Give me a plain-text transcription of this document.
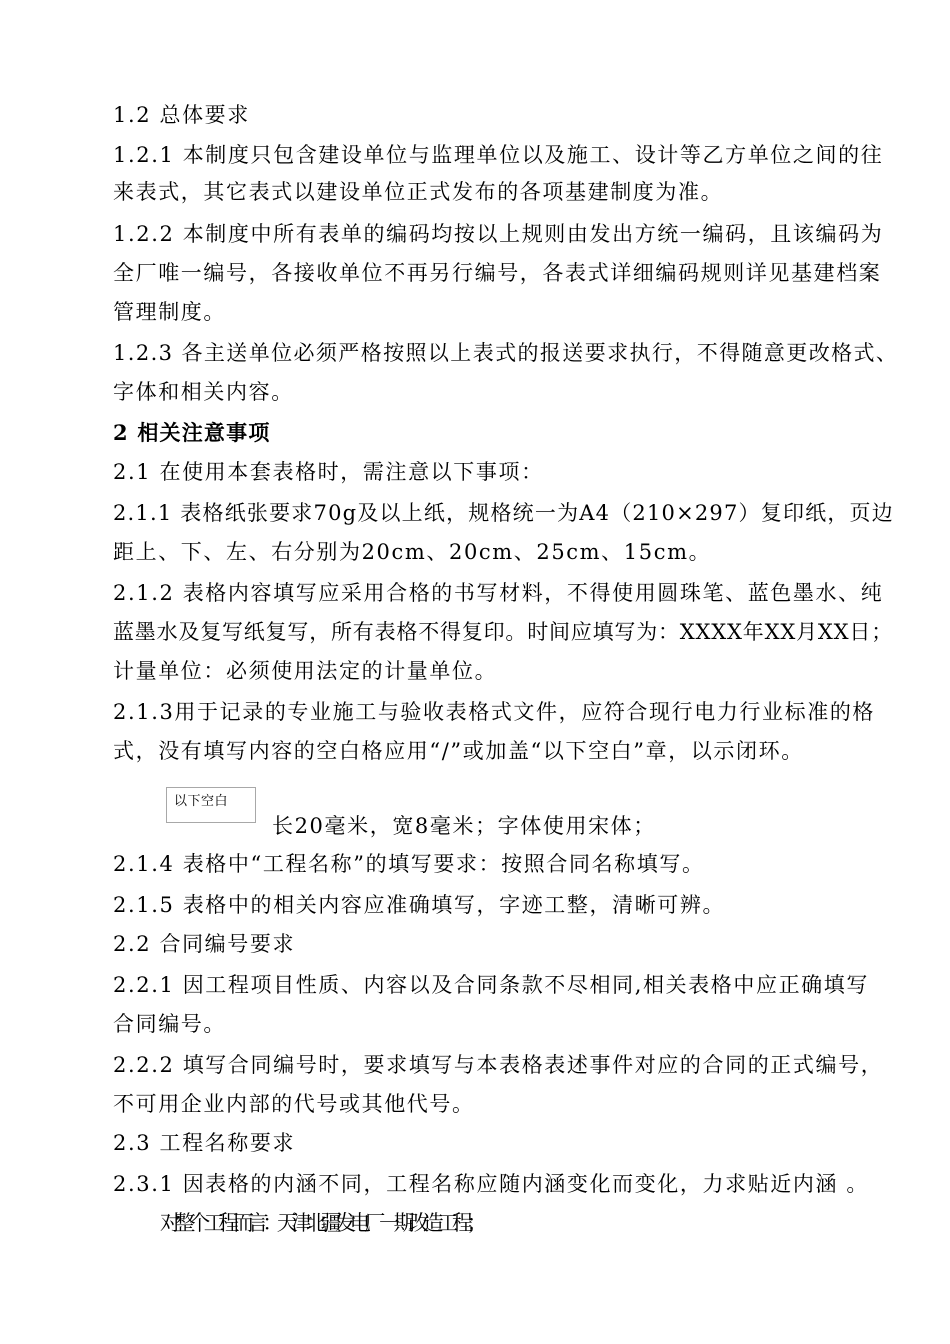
1.2 总体要求
1.2.1 本制度只包含建设单位与监理单位以及施工、设计等乙方单位之间的往
来表式，其它表式以建设单位正式发布的各项基建制度为准。
1.2.2 本制度中所有表单的编码均按以上规则由发出方统一编码，且该编码为
全厂唯一编号，各接收单位不再另行编号，各表式详细编码规则详见基建档案
管理制度。
1.2.3 各主送单位必须严格按照以上表式的报送要求执行，不得随意更改格式、
字体和相关内容。
2 相关注意事项
2.1 在使用本套表格时，需注意以下事项：
2.1.1 表格纸张要求70g及以上纸，规格统一为A4（210×297）复印纸，页边
距上、下、左、右分别为20cm、20cm、25cm、15cm。
2.1.2 表格内容填写应采用合格的书写材料，不得使用圆珠笔、蓝色墨水、纯
蓝墨水及复写纸复写，所有表格不得复印。时间应填写为：XXXX年XX月XX日；
计量单位：必须使用法定的计量单位。
2.1.3用于记录的专业施工与验收表格式文件，应符合现行电力行业标准的格
式，没有填写内容的空白格应用“/”或加盖“以下空白”章，以示闭环。
以下空白
长20毫米，宽8毫米；字体使用宋体；
2.1.4 表格中“工程名称”的填写要求：按照合同名称填写。
2.1.5 表格中的相关内容应准确填写，字迹工整，清晰可辨。
2.2 合同编号要求
2.2.1 因工程项目性质、内容以及合同条款不尽相同,相关表格中应正确填写
合同编号。
2.2.2 填写合同编号时，要求填写与本表格表述事件对应的合同的正式编号，
不可用企业内部的代号或其他代号。
2.3 工程名称要求
2.3.1 因表格的内涵不同，工程名称应随内涵变化而变化，力求贴近内涵 。
对整个工程而言：天津北疆发电厂一期改造工程；
